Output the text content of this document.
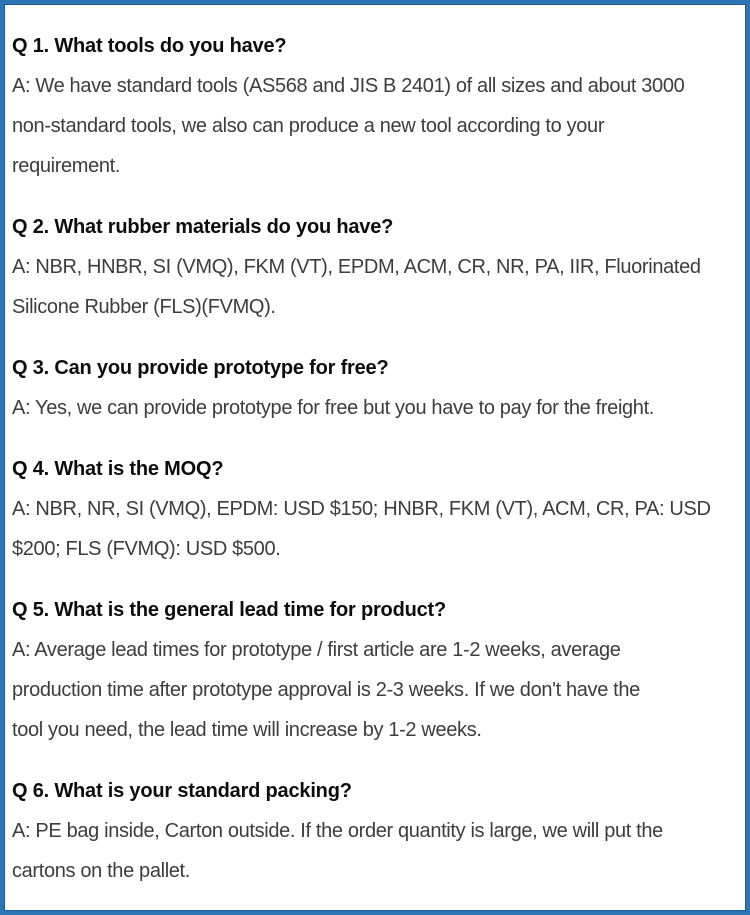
Q 1. What tools do you have?
A: We have standard tools (AS568 and JIS B 2401) of all sizes and about 3000
non-standard tools, we also can produce a new tool according to your
requirement.
Q 2. What rubber materials do you have?
A: NBR, HNBR, SI (VMQ), FKM (VT), EPDM, ACM, CR, NR, PA, IIR, Fluorinated
Silicone Rubber (FLS)(FVMQ).
Q 3. Can you provide prototype for free?
A: Yes, we can provide prototype for free but you have to pay for the freight.
Q 4. What is the MOQ?
A: NBR, NR, SI (VMQ), EPDM: USD $150; HNBR, FKM (VT), ACM, CR, PA: USD
$200; FLS (FVMQ): USD $500.
Q 5. What is the general lead time for product?
A: Average lead times for prototype / first article are 1-2 weeks, average
production time after prototype approval is 2-3 weeks. If we don't have the
tool you need, the lead time will increase by 1-2 weeks.
Q 6. What is your standard packing?
A: PE bag inside, Carton outside. If the order quantity is large, we will put the
cartons on the pallet.
